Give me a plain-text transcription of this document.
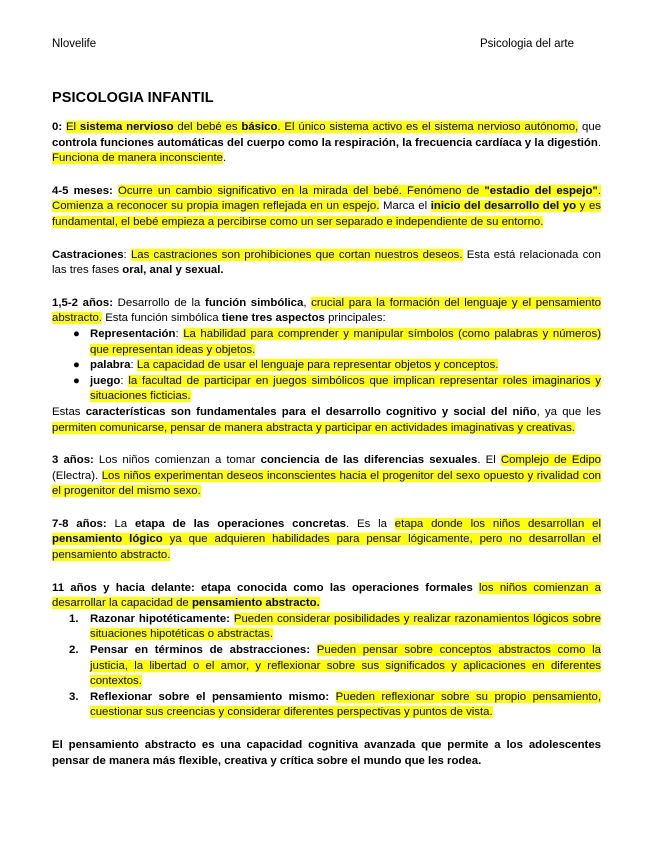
Nlovelife	Psicologia del arte
PSICOLOGIA INFANTIL
0: El sistema nervioso del bebé es básico. El único sistema activo es el sistema nervioso autónomo, que controla funciones automáticas del cuerpo como la respiración, la frecuencia cardíaca y la digestión. Funciona de manera inconsciente.
4-5 meses: Ocurre un cambio significativo en la mirada del bebé. Fenómeno de "estadio del espejo". Comienza a reconocer su propia imagen reflejada en un espejo. Marca el inicio del desarrollo del yo y es fundamental, el bebé empieza a percibirse como un ser separado e independiente de su entorno.
Castraciones: Las castraciones son prohibiciones que cortan nuestros deseos. Esta está relacionada con las tres fases oral, anal y sexual.
1,5-2 años: Desarrollo de la función simbólica, crucial para la formación del lenguaje y el pensamiento abstracto. Esta función simbólica tiene tres aspectos principales:
● Representación: La habilidad para comprender y manipular símbolos (como palabras y números) que representan ideas y objetos.
● palabra: La capacidad de usar el lenguaje para representar objetos y conceptos.
● juego: la facultad de participar en juegos simbólicos que implican representar roles imaginarios y situaciones ficticias.
Estas características son fundamentales para el desarrollo cognitivo y social del niño, ya que les permiten comunicarse, pensar de manera abstracta y participar en actividades imaginativas y creativas.
3 años: Los niños comienzan a tomar conciencia de las diferencias sexuales. El Complejo de Edipo (Electra). Los niños experimentan deseos inconscientes hacia el progenitor del sexo opuesto y rivalidad con el progenitor del mismo sexo.
7-8 años: La etapa de las operaciones concretas. Es la etapa donde los niños desarrollan el pensamiento lógico ya que adquieren habilidades para pensar lógicamente, pero no desarrollan el pensamiento abstracto.
11 años y hacia delante: etapa conocida como las operaciones formales los niños comienzan a desarrollar la capacidad de pensamiento abstracto.
1. Razonar hipotéticamente: Pueden considerar posibilidades y realizar razonamientos lógicos sobre situaciones hipotéticas o abstractas.
2. Pensar en términos de abstracciones: Pueden pensar sobre conceptos abstractos como la justicia, la libertad o el amor, y reflexionar sobre sus significados y aplicaciones en diferentes contextos.
3. Reflexionar sobre el pensamiento mismo: Pueden reflexionar sobre su propio pensamiento, cuestionar sus creencias y considerar diferentes perspectivas y puntos de vista.
El pensamiento abstracto es una capacidad cognitiva avanzada que permite a los adolescentes pensar de manera más flexible, creativa y crítica sobre el mundo que les rodea.
